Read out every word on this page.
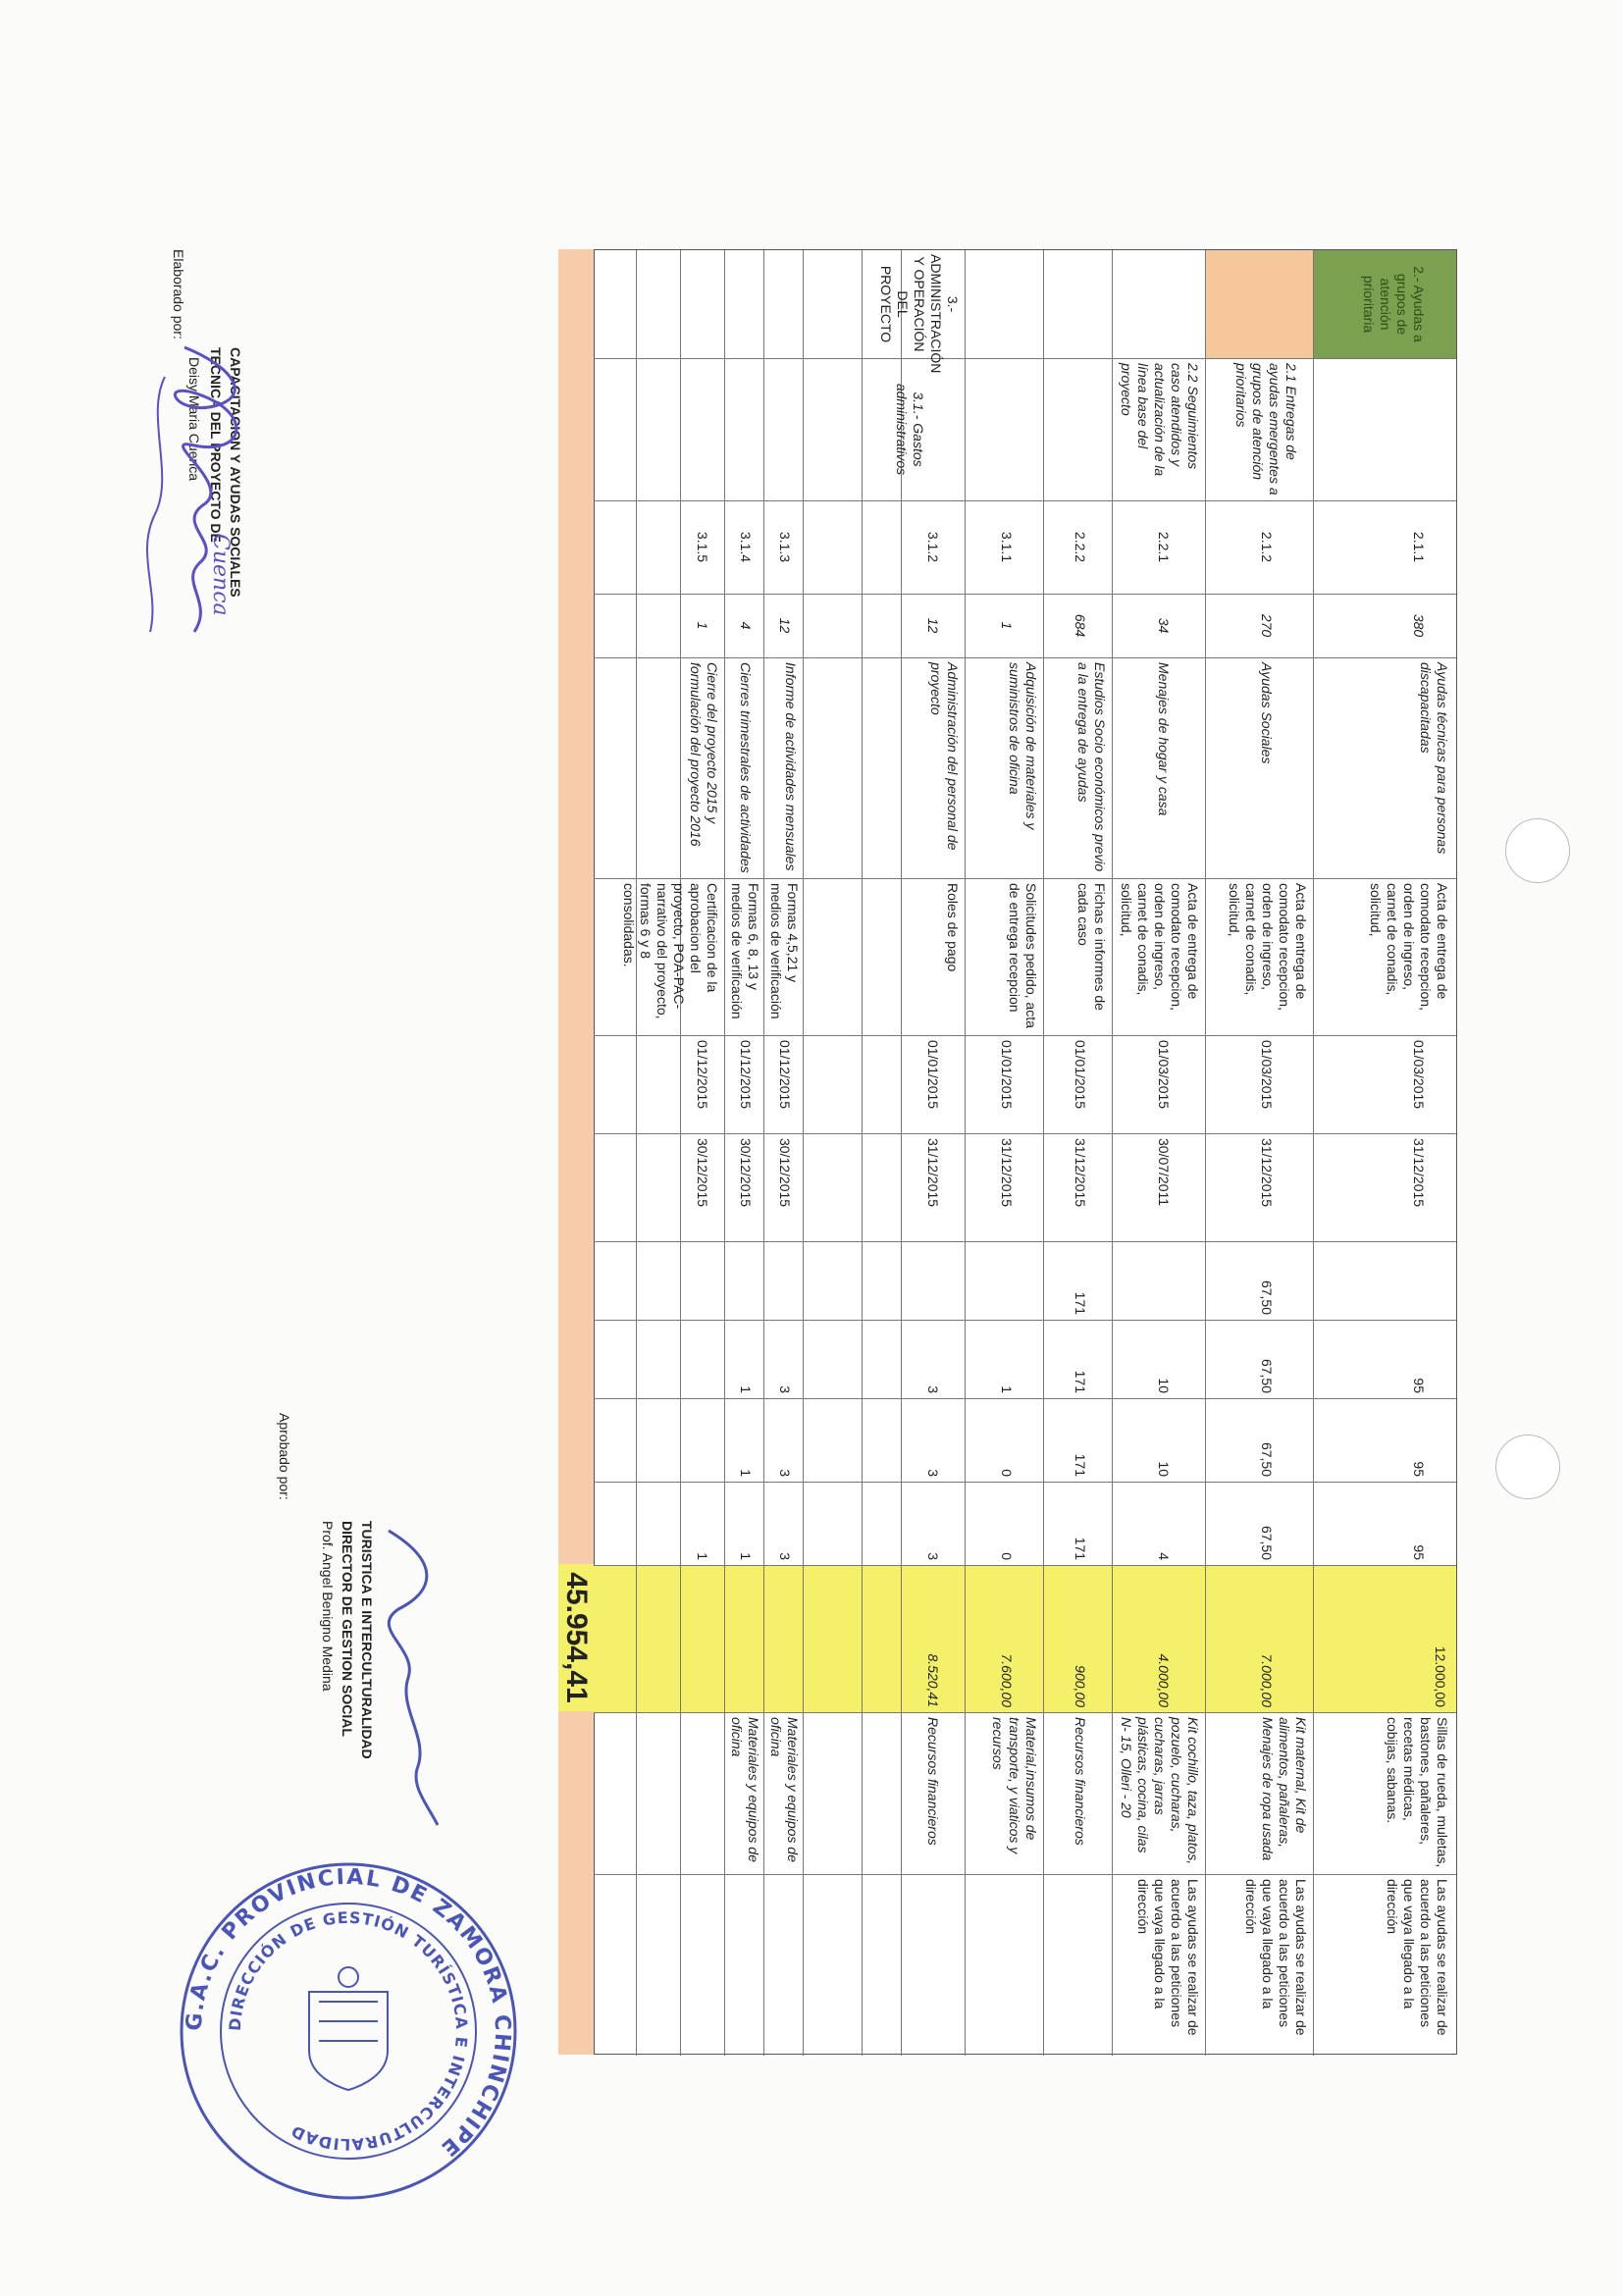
12.000,00
Sillas de rueda, muletas, bastones, pañaleres, recetas médicas, cobijas, sabanas.
Las ayudas se realizar de acuerdo a las peticiones que vaya llegado a la dirección
2.- Ayudas a grupos de atención prioritaria
2.1 Entregas de ayudas emergentes a grupos de atención prioritarios
2.1.1
380
Ayudas técnicas para personas discapacitadas
Acta de entrega de comodato recepcion, orden de ingreso, carnet de conadis, solicitud,
01/03/2015
31/12/2015
95
95
95
2.1.2
270
Ayudas Sociales
Acta de entrega de comodato recepcion, orden de ingreso, carnet de conadis, solicitud,
01/03/2015
31/12/2015
67,50
67,50
67,50
67,50
7.000,00
Kit maternal, Kit de alimentos, pañaleras, Menajes de ropa usada
Las ayudas se realizar de acuerdo a las peticiones que vaya llegado a la dirección
2.2 Seguimientos caso atendidos y actualización de la línea base del proyecto
2.2.1
34
Menajes de hogar y casa
Acta de entrega de comodato recepcion, orden de ingreso, carnet de conadis, solicitud,
01/03/2015
30/07/2011
10
10
4
4.000,00
Kit cochillo, taza, platos, pozuelo, cucharas, cucharas, jarras plásticas, cocina, cilas N- 15, Olleri - 20
Las ayudas se realizar de acuerdo a las peticiones que vaya llegado a la dirección
2.2.2
684
Estudios Socio económicos previo a la entrega de ayudas
Fichas e informes de cada caso
01/01/2015
31/12/2015
171
171
171
171
900,00
Recursos financieros
3.- ADMINISTRACIÓN Y OPERACIÓN DEL PROYECTO
3.1.- Gastos administrativos
3.1.1
1
Adquisición de materiales y suministros de oficina
Solicitudes pedido, acta de entrega recepcion
01/01/2015
31/12/2015
1
0
0
7.600,00
Material,insumos de transporte, y viaticos y recursos
3.1.2
12
Administración del personal de proyecto
Roles de pago
01/01/2015
31/12/2015
3
3
3
8.520,41
Recursos financieros
3.1.3
12
Informe de actividades mensuales
Formas 4,5,21 y medios de verificación
01/12/2015
30/12/2015
3
3
3
Materiales y equipos de oficina
3.1.4
4
Cierres trimestrales de actividades
Formas 6, 8, 13 y medios de verificación
01/12/2015
30/12/2015
1
1
1
Materiales y equipos de oficina
3.1.5
1
Cierre del proyecto 2015 y formulación del proyecto 2016
Certificacion de la aprobacion del proyecto, POA-PAC-narrativo del proyecto, formas 6 y 8 consolidadas.
01/12/2015
30/12/2015
1
45.954,41
Elaborado por:
Deisy Maria Cuenca TECNICA DEL PROYECTO DE CAPACITACION Y AYUDAS SOCIALES
Cuenca
Aprobado por:
Prof. Angel Benigno Medina DIRECTOR DE GESTION SOCIAL TURISTICA E INTERCULTURALIDAD
G.A.C. PROVINCIAL DE ZAMORA CHINCHIPE
DIRECCIÓN DE GESTIÓN TURÍSTICA E INTERCULTURALIDAD
